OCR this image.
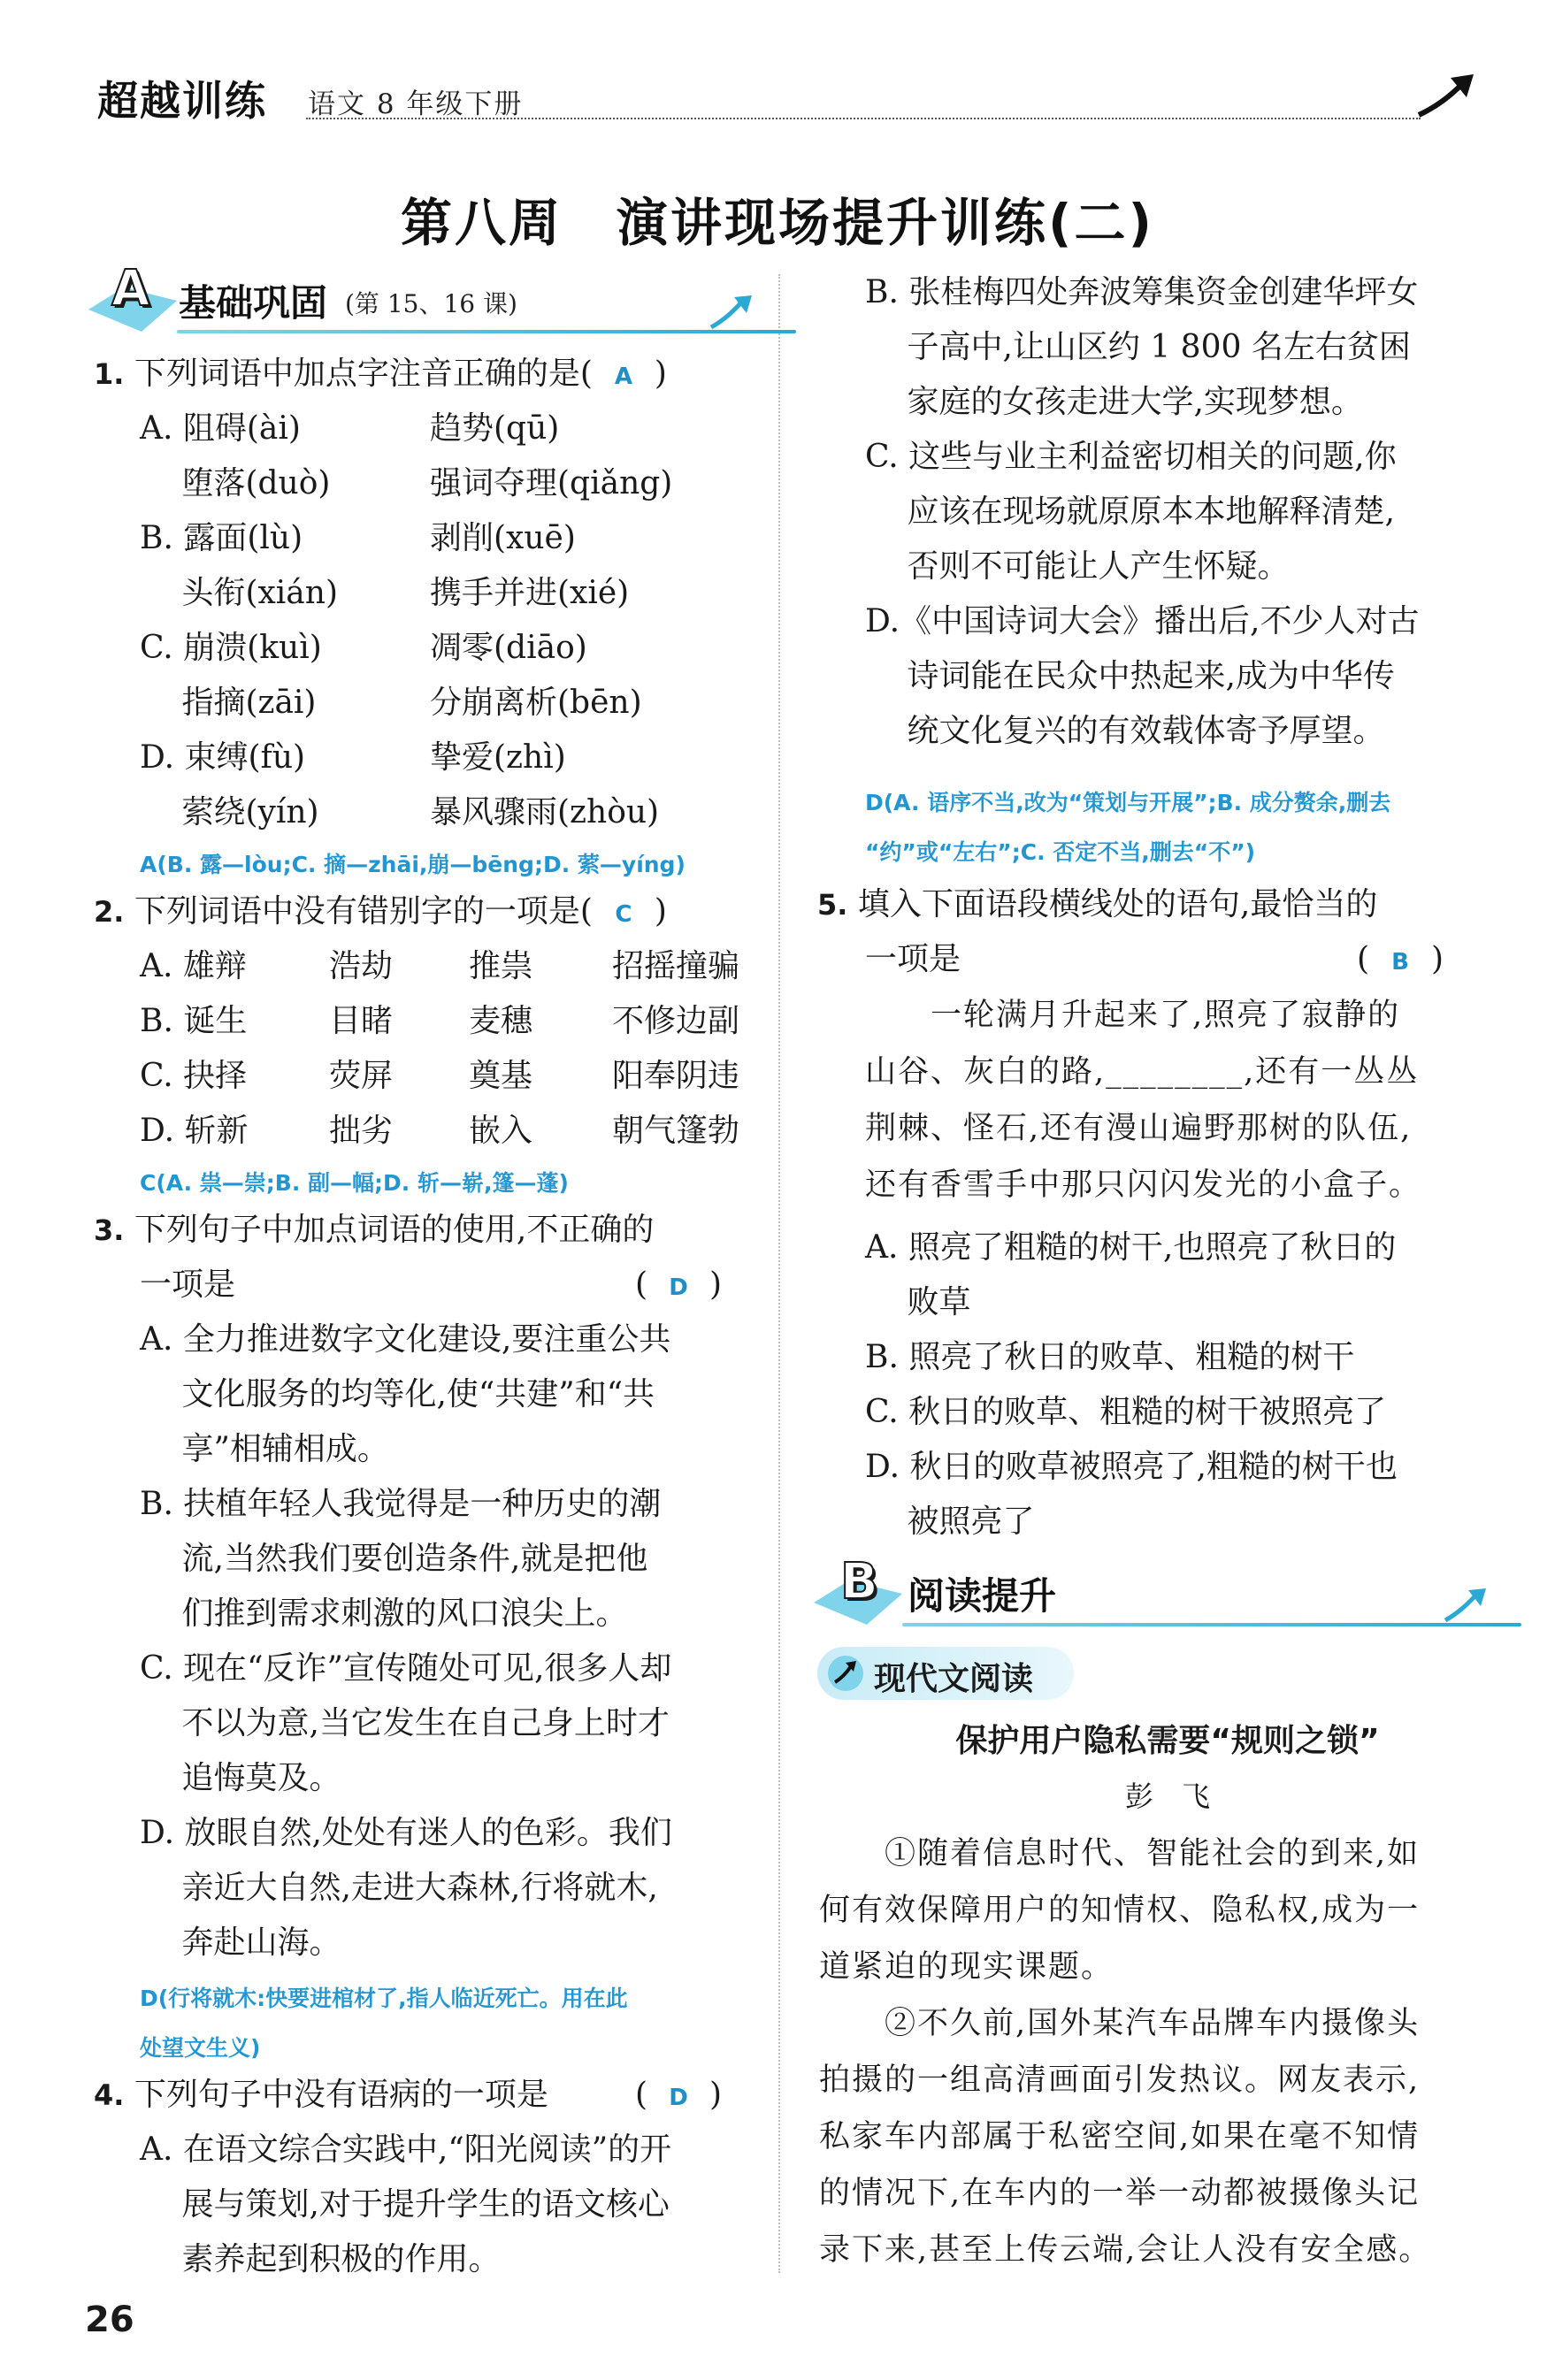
超越训练 语文 8 年级下册
第八周　演讲现场提升训练(二)
A 基础巩固 (第 15、16 课)
1. 下列词语中加点字注音正确的是( A )
A. 阻碍(ài)	趋势(qū)
　 堕落(duò)	强词夺理(qiǎng)
B. 露面(lù)	剥削(xuē)
　 头衔(xián)	携手并进(xié)
C. 崩溃(kuì)	凋零(diāo)
　 指摘(zāi)	分崩离析(bēn)
D. 束缚(fù)	挚爱(zhì)
　 萦绕(yín)	暴风骤雨(zhòu)
A(B. 露—lòu;C. 摘—zhāi,崩—bēng;D. 萦—yíng)
2. 下列词语中没有错别字的一项是( C )
A. 雄辩	浩劫 推祟 招摇撞骗
B. 诞生	目睹 麦穗 不修边副
C. 抉择	荧屏 奠基 阳奉阴违
D. 斩新	拙劣 嵌入 朝气篷勃
C(A. 祟—崇;B. 副—幅;D. 斩—崭,篷—蓬)
3. 下列句子中加点词语的使用,不正确的
一项是	( D )
A. 全力推进数字文化建设,要注重公共
　 文化服务的均等化,使“共建”和“共
　 享”相辅相成。
B. 扶植年轻人我觉得是一种历史的潮
　 流,当然我们要创造条件,就是把他
　 们推到需求刺激的风口浪尖上。
C. 现在“反诈”宣传随处可见,很多人却
　 不以为意,当它发生在自己身上时才
　 追悔莫及。
D. 放眼自然,处处有迷人的色彩。我们
　 亲近大自然,走进大森林,行将就木,
　 奔赴山海。
D(行将就木:快要进棺材了,指人临近死亡。用在此
处望文生义)
4. 下列句子中没有语病的一项是	( D )
A. 在语文综合实践中,“阳光阅读”的开
　 展与策划,对于提升学生的语文核心
　 素养起到积极的作用。
B. 张桂梅四处奔波筹集资金创建华坪女
　 子高中,让山区约 1 800 名左右贫困
　 家庭的女孩走进大学,实现梦想。
C. 这些与业主利益密切相关的问题,你
　 应该在现场就原原本本地解释清楚,
　 否则不可能让人产生怀疑。
D.《中国诗词大会》播出后,不少人对古
　 诗词能在民众中热起来,成为中华传
　 统文化复兴的有效载体寄予厚望。
D(A. 语序不当,改为“策划与开展”;B. 成分赘余,删去
“约”或“左右”;C. 否定不当,删去“不”)
5. 填入下面语段横线处的语句,最恰当的
一项是	( B )
　　一轮满月升起来了,照亮了寂静的
山谷、灰白的路,________,还有一丛丛
荆棘、怪石,还有漫山遍野那树的队伍,
还有香雪手中那只闪闪发光的小盒子。
A. 照亮了粗糙的树干,也照亮了秋日的
　 败草
B. 照亮了秋日的败草、粗糙的树干
C. 秋日的败草、粗糙的树干被照亮了
D. 秋日的败草被照亮了,粗糙的树干也
　 被照亮了
B 阅读提升
现代文阅读
保护用户隐私需要“规则之锁”
彭　飞
　　①随着信息时代、智能社会的到来,如
何有效保障用户的知情权、隐私权,成为一
道紧迫的现实课题。
　　②不久前,国外某汽车品牌车内摄像头
拍摄的一组高清画面引发热议。网友表示,
私家车内部属于私密空间,如果在毫不知情
的情况下,在车内的一举一动都被摄像头记
录下来,甚至上传云端,会让人没有安全感。
26
